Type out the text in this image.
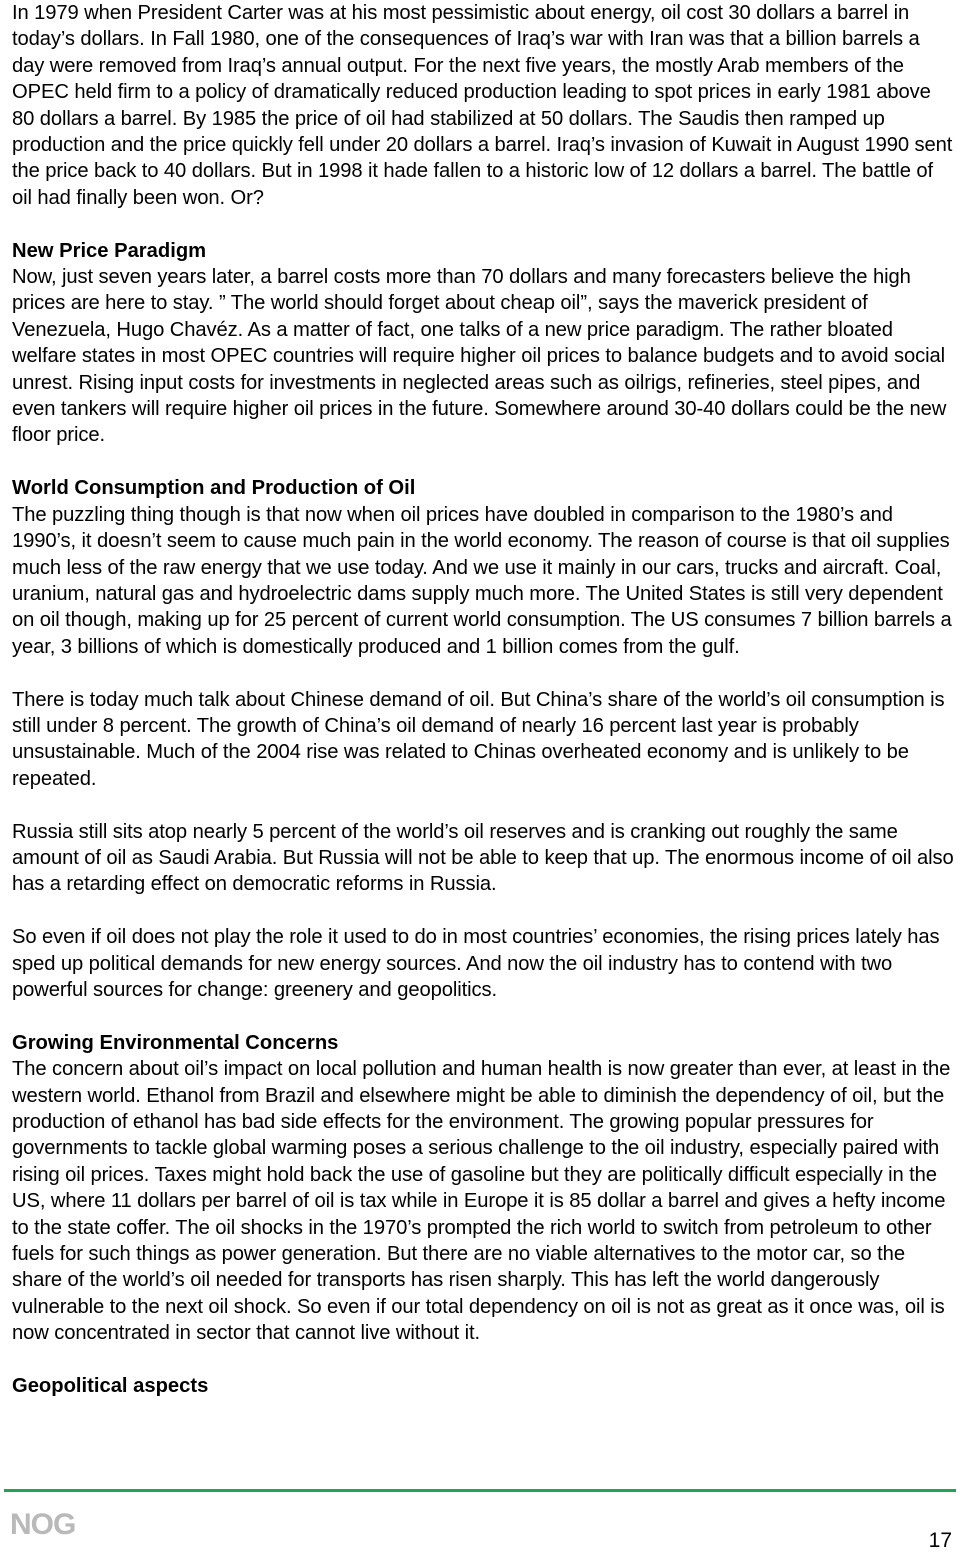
In 1979 when President Carter was at his most pessimistic about energy, oil cost 30 dollars a barrel in today’s dollars. In Fall 1980, one of the consequences of Iraq’s war with Iran was that a billion barrels a day were removed from Iraq’s annual output. For the next five years, the mostly Arab members of the OPEC held firm to a policy of dramatically reduced production leading to spot prices in early 1981 above 80 dollars a barrel. By 1985 the price of oil had stabilized at 50 dollars. The Saudis then ramped up production and the price quickly fell under 20 dollars a barrel. Iraq’s invasion of Kuwait in August 1990 sent the price back to 40 dollars. But in 1998 it hade fallen to a historic low of 12 dollars a barrel. The battle of oil had finally been won. Or?

New Price Paradigm

Now, just seven years later, a barrel costs more than 70 dollars and many forecasters believe the high prices are here to stay. ” The world should forget about cheap oil”, says the maverick president of Venezuela, Hugo Chavéz. As a matter of fact, one talks of a new price paradigm. The rather bloated welfare states in most OPEC countries will require higher oil prices to balance budgets and to avoid social unrest. Rising input costs for investments in neglected areas such as oilrigs, refineries, steel pipes, and even tankers will require higher oil prices in the future. Somewhere around 30-40 dollars could be the new floor price.

World Consumption and Production of Oil

The puzzling thing though is that now when oil prices have doubled in comparison to the 1980’s and 1990’s, it doesn’t seem to cause much pain in the world economy. The reason of course is that oil supplies much less of the raw energy that we use today. And we use it mainly in our cars, trucks and aircraft. Coal, uranium, natural gas and hydroelectric dams supply much more. The United States is still very dependent on oil though, making up for 25 percent of current world consumption. The US consumes 7 billion barrels a year, 3 billions of which is domestically produced and 1 billion comes from the gulf.

There is today much talk about Chinese demand of oil. But China’s share of the world’s oil consumption is still under 8 percent. The growth of China’s oil demand of nearly 16 percent last year is probably unsustainable. Much of the 2004 rise was related to Chinas overheated economy and is unlikely to be repeated.

Russia still sits atop nearly 5 percent of the world’s oil reserves and is cranking out roughly the same amount of oil as Saudi Arabia. But Russia will not be able to keep that up. The enormous income of oil also has a retarding effect on democratic reforms in Russia.

So even if oil does not play the role it used to do in most countries’ economies, the rising prices lately has sped up political demands for new energy sources. And now the oil industry has to contend with two powerful sources for change: greenery and geopolitics.

Growing Environmental Concerns

The concern about oil’s impact on local pollution and human health is now greater than ever, at least in the western world. Ethanol from Brazil and elsewhere might be able to diminish the dependency of oil, but the production of ethanol has bad side effects for the environment. The growing popular pressures for governments to tackle global warming poses a serious challenge to the oil industry, especially paired with rising oil prices. Taxes might hold back the use of gasoline but they are politically difficult especially in the US, where 11 dollars per barrel of oil is tax while in Europe it is 85 dollar a barrel and gives a hefty income to the state coffer. The oil shocks in the 1970’s prompted the rich world to switch from petroleum to other fuels for such things as power generation. But there are no viable alternatives to the motor car, so the share of the world’s oil needed for transports has risen sharply. This has left the world dangerously vulnerable to the next oil shock. So even if our total dependency on oil is not as great as it once was, oil is now concentrated in sector that cannot live without it.

Geopolitical aspects
NOG	17
